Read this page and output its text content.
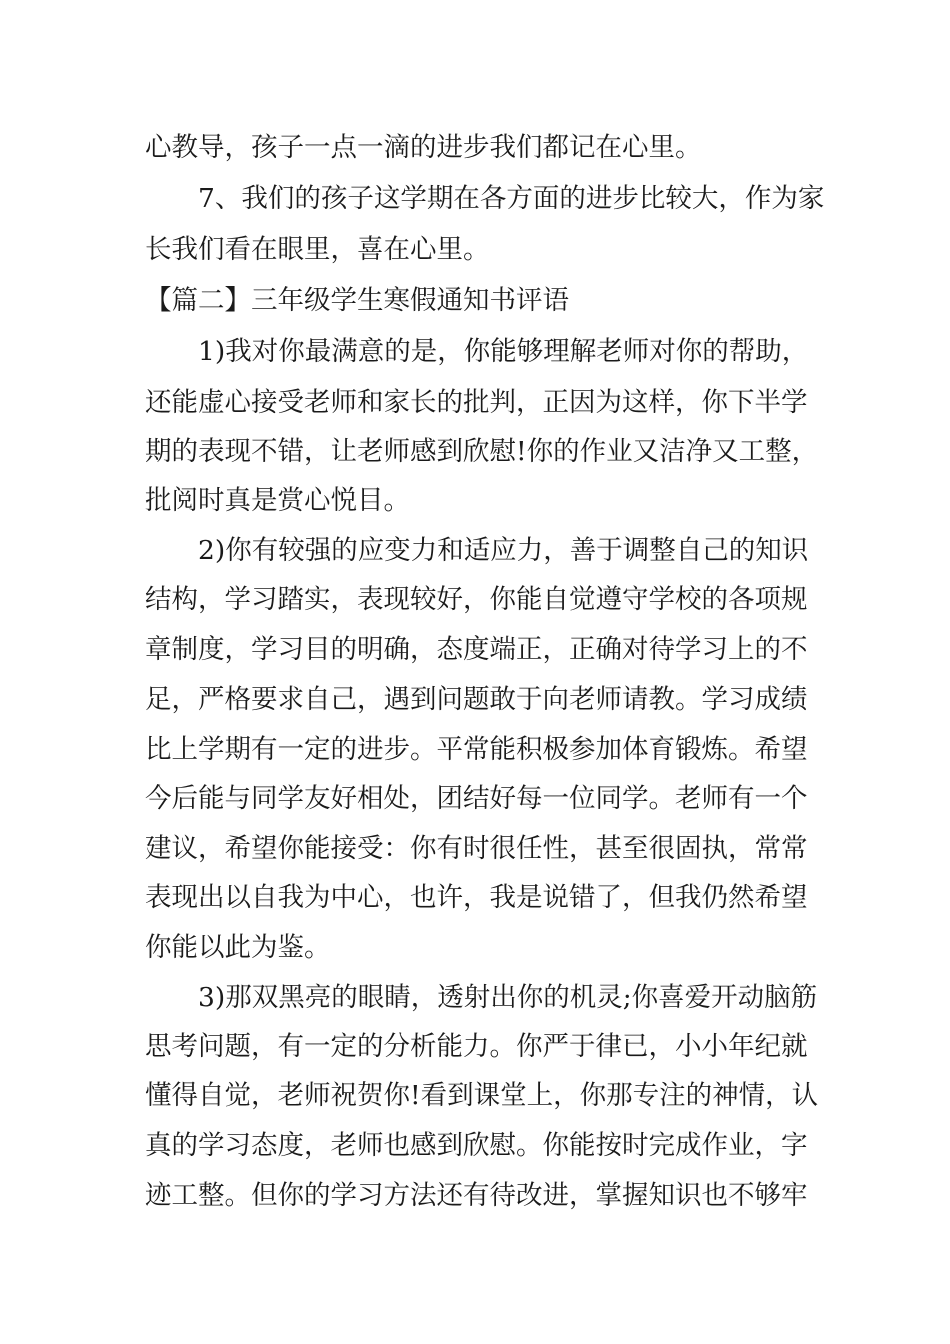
心教导，孩子一点一滴的进步我们都记在心里。
7、我们的孩子这学期在各方面的进步比较大，作为家
长我们看在眼里，喜在心里。
【篇二】三年级学生寒假通知书评语
1)我对你最满意的是，你能够理解老师对你的帮助，
还能虚心接受老师和家长的批判，正因为这样，你下半学
期的表现不错，让老师感到欣慰!你的作业又洁净又工整，
批阅时真是赏心悦目。
2)你有较强的应变力和适应力，善于调整自己的知识
结构，学习踏实，表现较好，你能自觉遵守学校的各项规
章制度，学习目的明确，态度端正，正确对待学习上的不
足，严格要求自己，遇到问题敢于向老师请教。学习成绩
比上学期有一定的进步。平常能积极参加体育锻炼。希望
今后能与同学友好相处，团结好每一位同学。老师有一个
建议，希望你能接受：你有时很任性，甚至很固执，常常
表现出以自我为中心，也许，我是说错了，但我仍然希望
你能以此为鉴。
3)那双黑亮的眼睛，透射出你的机灵;你喜爱开动脑筋
思考问题，有一定的分析能力。你严于律已，小小年纪就
懂得自觉，老师祝贺你!看到课堂上，你那专注的神情，认
真的学习态度，老师也感到欣慰。你能按时完成作业，字
迹工整。但你的学习方法还有待改进，掌握知识也不够牢
